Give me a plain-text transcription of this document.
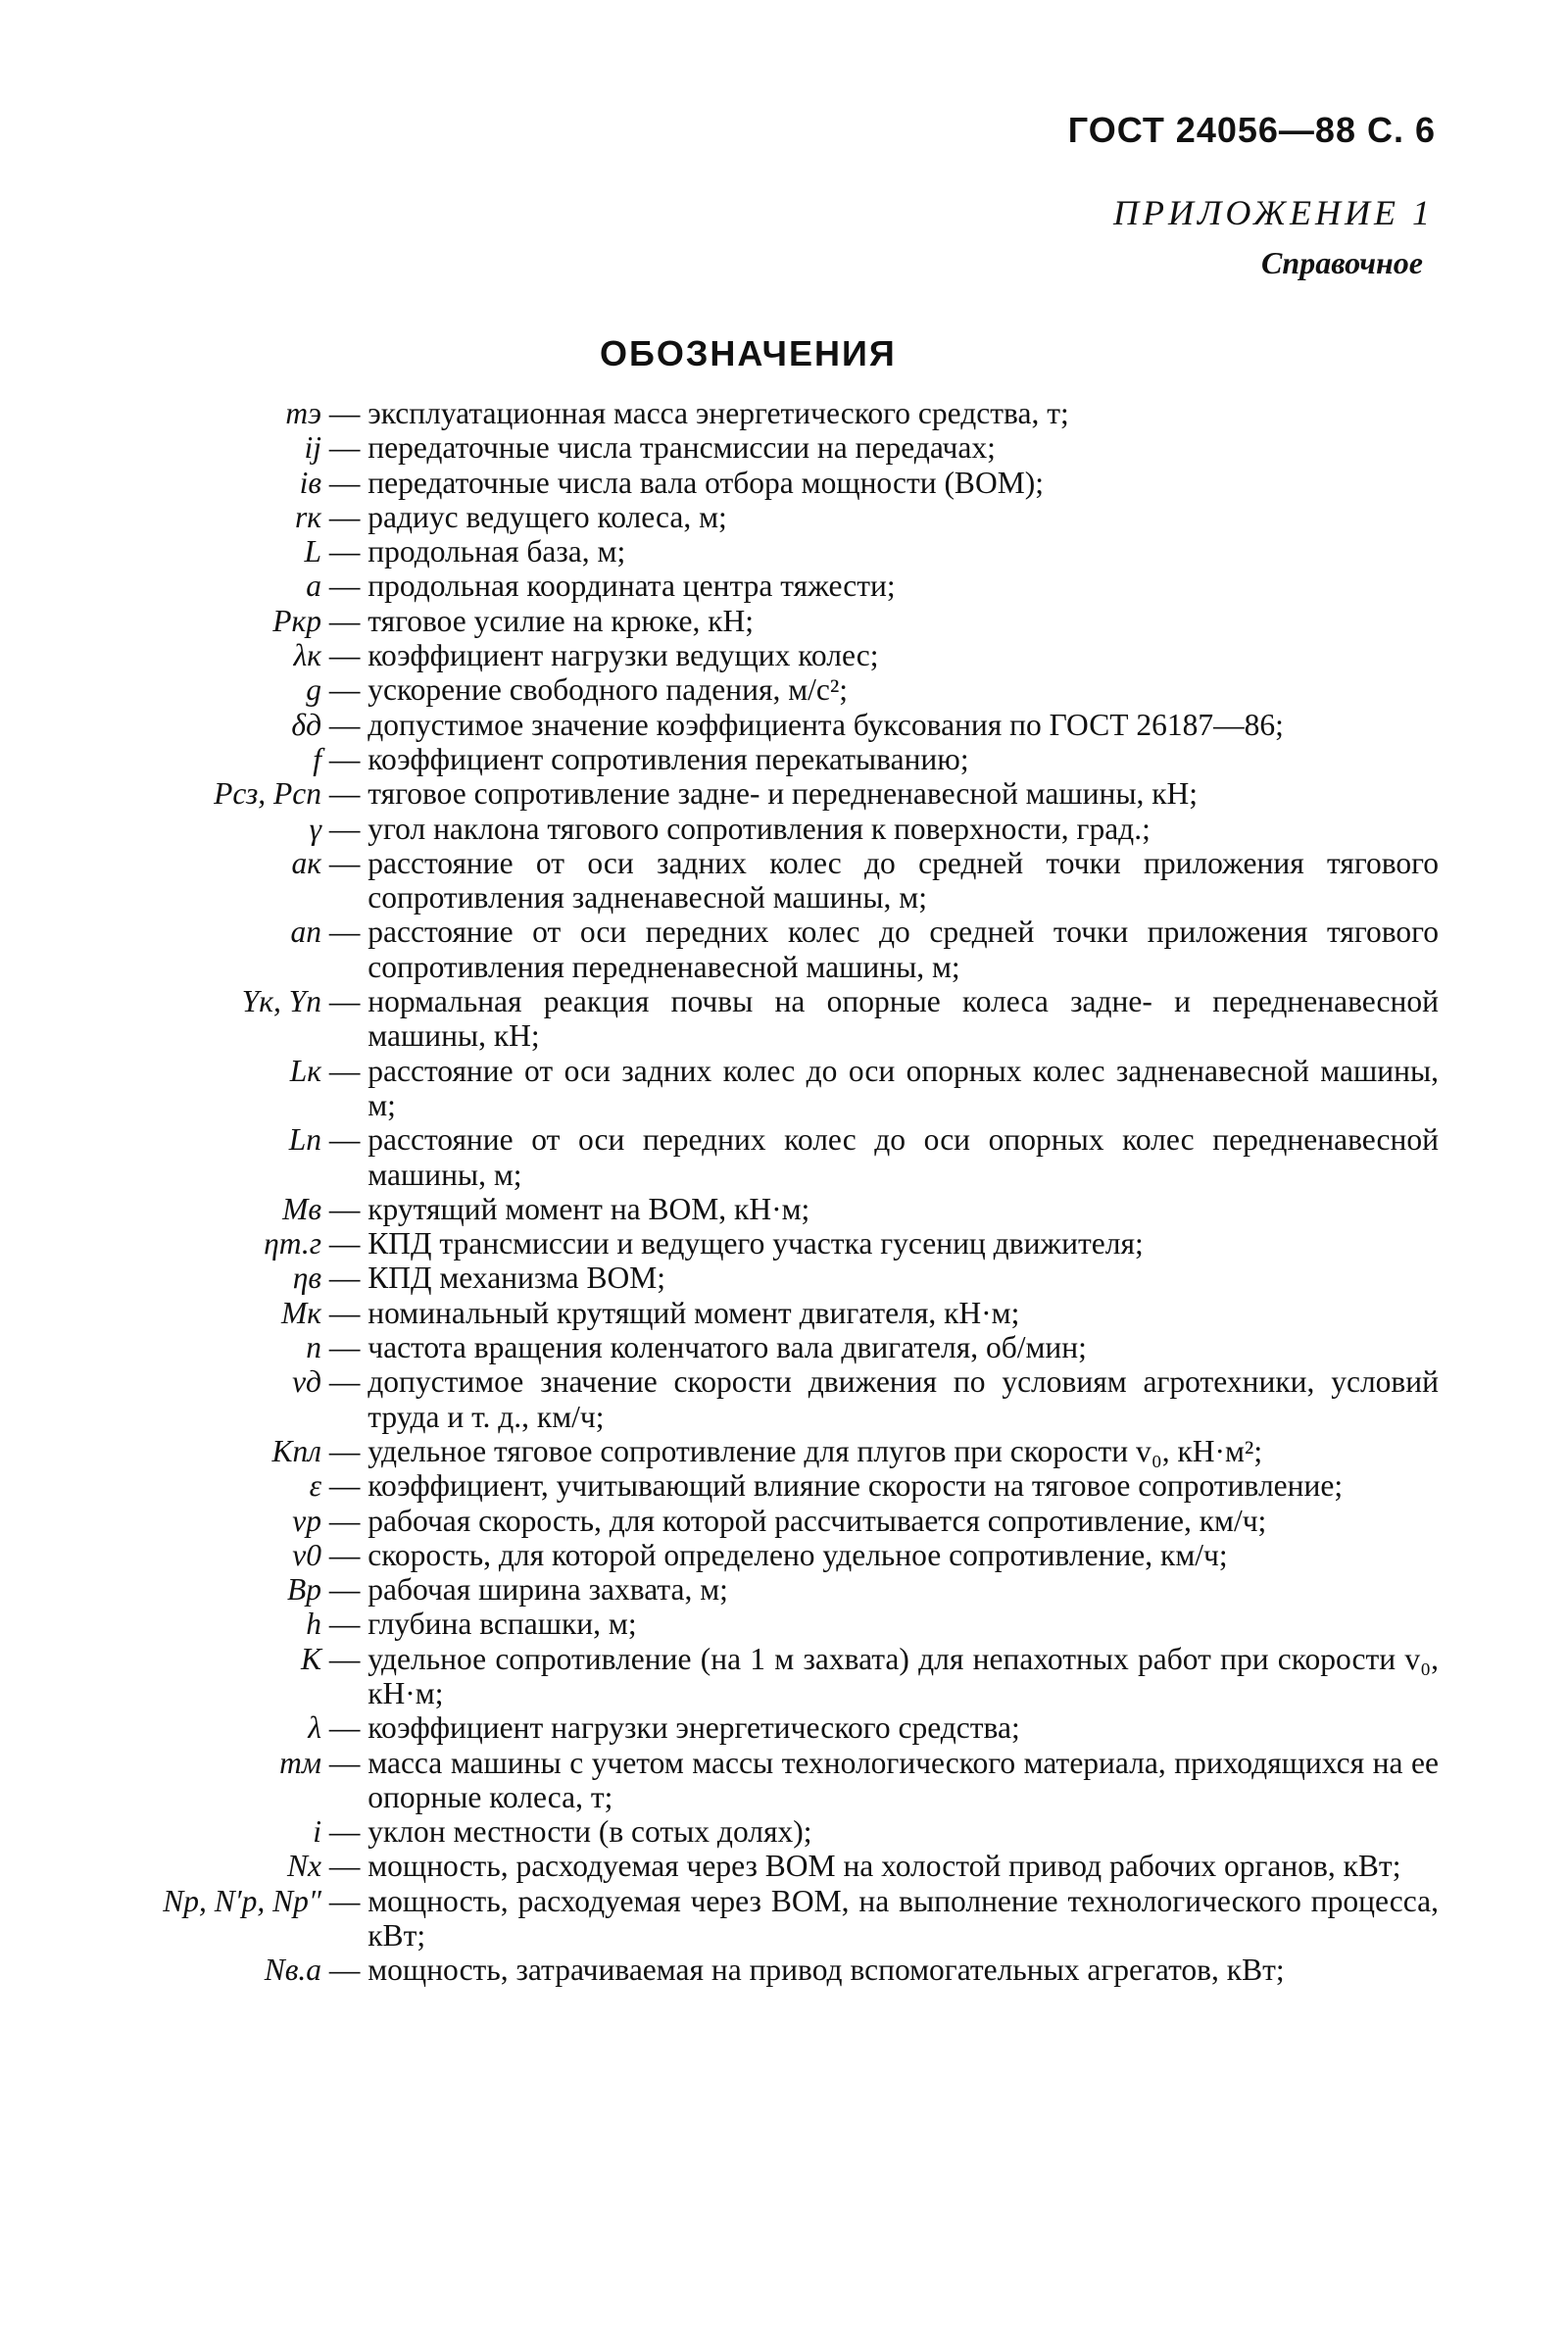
ГОСТ 24056—88 С. 6
ПРИЛОЖЕНИЕ 1
Справочное
ОБОЗНАЧЕНИЯ
mэ — эксплуатационная масса энергетического средства, т;
ij — передаточные числа трансмиссии на передачах;
iв — передаточные числа вала отбора мощности (ВОМ);
rк — радиус ведущего колеса, м;
L — продольная база, м;
a — продольная координата центра тяжести;
Pкр — тяговое усилие на крюке, кН;
λк — коэффициент нагрузки ведущих колес;
g — ускорение свободного падения, м/с²;
δд — допустимое значение коэффициента буксования по ГОСТ 26187—86;
f — коэффициент сопротивления перекатыванию;
Pсз, Pсп — тяговое сопротивление задне- и передненавесной машины, кН;
γ — угол наклона тягового сопротивления к поверхности, град.;
aк — расстояние от оси задних колес до средней точки приложения тягового сопротивления задненавесной машины, м;
aп — расстояние от оси передних колес до средней точки приложения тягового сопротивления передненавесной машины, м;
Yк, Yп — нормальная реакция почвы на опорные колеса задне- и передненавесной машины, кН;
Lк — расстояние от оси задних колес до оси опорных колес задненавесной машины, м;
Lп — расстояние от оси передних колес до оси опорных колес передненавесной машины, м;
Mв — крутящий момент на ВОМ, кН·м;
ηт.г — КПД трансмиссии и ведущего участка гусениц движителя;
ηв — КПД механизма ВОМ;
Mк — номинальный крутящий момент двигателя, кН·м;
n — частота вращения коленчатого вала двигателя, об/мин;
vд — допустимое значение скорости движения по условиям агротехники, условий труда и т. д., км/ч;
Kпл — удельное тяговое сопротивление для плугов при скорости v₀, кН·м²;
ε — коэффициент, учитывающий влияние скорости на тяговое сопротивление;
vр — рабочая скорость, для которой рассчитывается сопротивление, км/ч;
v0 — скорость, для которой определено удельное сопротивление, км/ч;
Bр — рабочая ширина захвата, м;
h — глубина вспашки, м;
K — удельное сопротивление (на 1 м захвата) для непахотных работ при скорости v₀, кН·м;
λ — коэффициент нагрузки энергетического средства;
mм — масса машины с учетом массы технологического материала, приходящихся на ее опорные колеса, т;
i — уклон местности (в сотых долях);
Nх — мощность, расходуемая через ВОМ на холостой привод рабочих органов, кВт;
Nр, N′р, Nр″ — мощность, расходуемая через ВОМ, на выполнение технологического процесса, кВт;
Nв.а — мощность, затрачиваемая на привод вспомогательных агрегатов, кВт;
